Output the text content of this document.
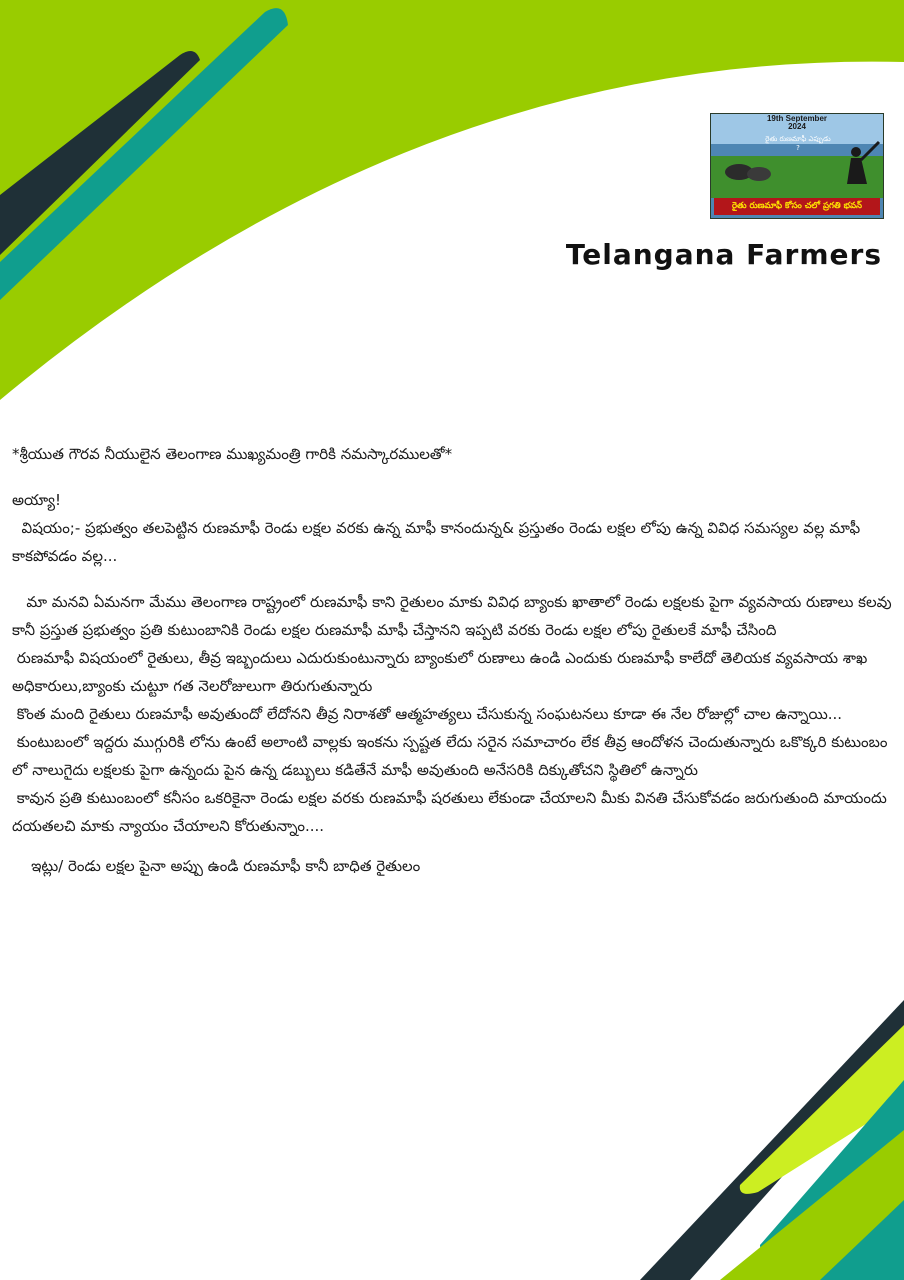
19th September
2024
రైతు రుణమాఫీ ఎప్పుడు ?
రైతు రుణమాఫీ కోసం చలో ప్రగతి భవన్
Telangana Farmers

*శ్రీయుత గౌరవ నీయులైన తెలంగాణ ముఖ్యమంత్రి గారికి నమస్కారములతో*

అయ్యా!

విషయం;- ప్రభుత్వం తలపెట్టిన రుణమాఫీ రెండు లక్షల వరకు ఉన్న మాఫీ కానందున్న& ప్రస్తుతం రెండు లక్షల లోపు ఉన్న వివిధ సమస్యల వల్ల మాఫీ కాకపోవడం వల్ల...

మా మనవి ఏమనగా మేము తెలంగాణ రాష్ట్రంలో రుణమాఫీ కాని రైతులం మాకు వివిధ బ్యాంకు ఖాతాలో రెండు లక్షలకు పైగా వ్యవసాయ రుణాలు కలవు కానీ ప్రస్తుత ప్రభుత్వం ప్రతి కుటుంబానికి రెండు లక్షల రుణమాఫీ మాఫీ చేస్తానని ఇప్పటి వరకు రెండు లక్షల లోపు రైతులకే మాఫీ చేసింది

రుణమాఫీ విషయంలో రైతులు, తీవ్ర ఇబ్బందులు ఎదురుకుంటున్నారు బ్యాంకులో రుణాలు ఉండి ఎందుకు రుణమాఫీ కాలేదో తెలియక వ్యవసాయ శాఖ అధికారులు,బ్యాంకు చుట్టూ గత నెలరోజులుగా తిరుగుతున్నారు

కొంత మంది రైతులు రుణమాఫీ అవుతుందో లేదోనని తీవ్ర నిరాశతో ఆత్మహత్యలు చేసుకున్న సంఘటనలు కూడా ఈ నేల రోజుల్లో చాల ఉన్నాయి...

కుంటుబంలో ఇద్దరు ముగ్గురికి లోను ఉంటే అలాంటి వాల్లకు ఇంకను స్పష్టత లేదు సరైన సమాచారం లేక తీవ్ర ఆందోళన చెందుతున్నారు ఒకొక్కరి కుటుంబం లో నాలుగైదు లక్షలకు పైగా ఉన్నందు పైన ఉన్న డబ్బులు కడితేనే మాఫీ అవుతుంది అనేసరికి దిక్కుతోచని స్థితిలో ఉన్నారు

కావున ప్రతి కుటుంబంలో కనీసం ఒకరికైనా రెండు లక్షల వరకు రుణమాఫీ షరతులు లేకుండా చేయాలని మీకు వినతి చేసుకోవడం జరుగుతుంది మాయందు దయతలచి మాకు న్యాయం చేయాలని కోరుతున్నాం....

ఇట్లు/ రెండు లక్షల పైనా అప్పు ఉండి రుణమాఫీ కానీ బాధిత రైతులం
